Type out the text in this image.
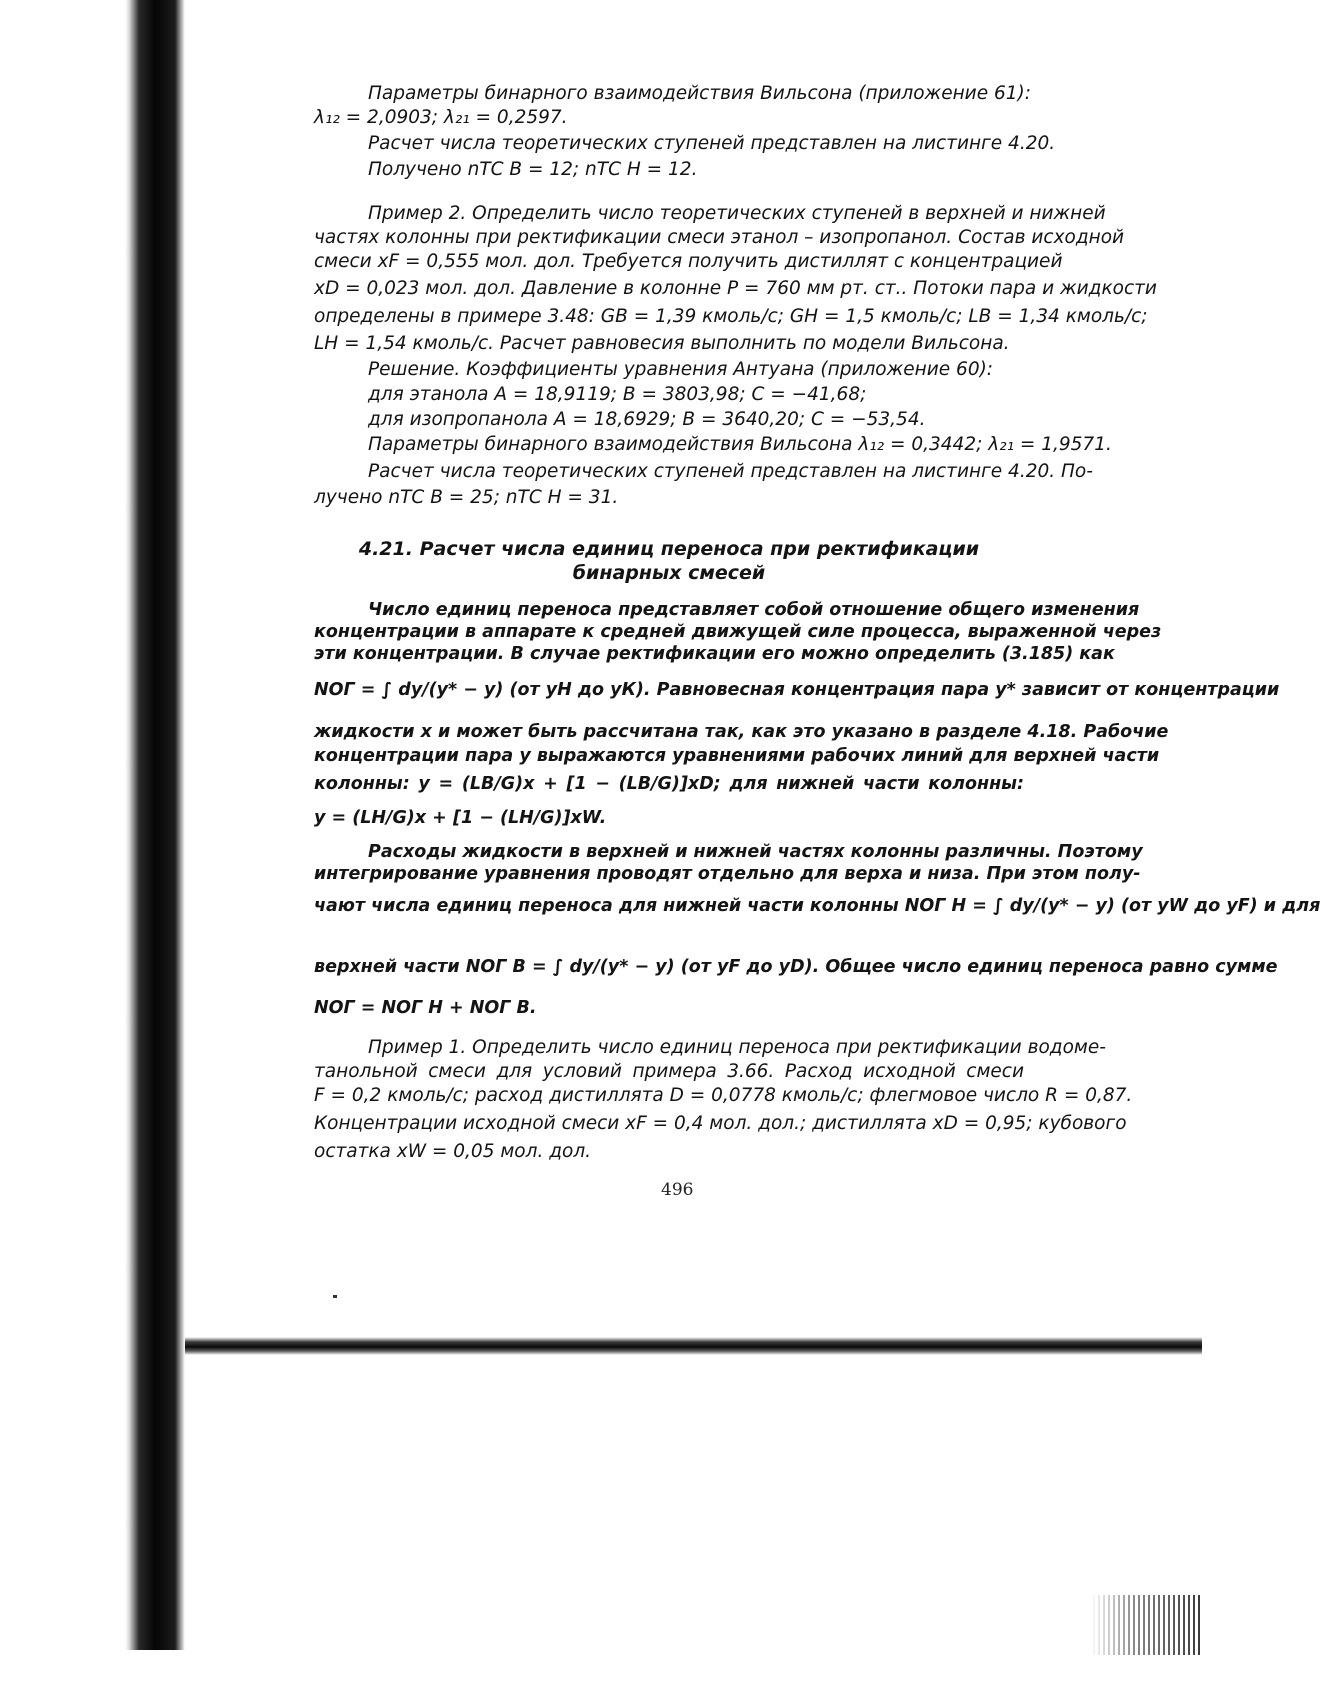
Параметры бинарного взаимодействия Вильсона (приложение 61):
λ₁₂ = 2,0903; λ₂₁ = 0,2597.
Расчет числа теоретических ступеней представлен на листинге 4.20.
Получено nТС В = 12; nТС Н = 12.
Пример 2. Определить число теоретических ступеней в верхней и нижней
частях колонны при ректификации смеси этанол – изопропанол. Состав исходной
смеси xF = 0,555 мол. дол. Требуется получить дистиллят с концентрацией
xD = 0,023 мол. дол. Давление в колонне P = 760 мм рт. ст.. Потоки пара и жидкости
определены в примере 3.48: GВ = 1,39 кмоль/с; GН = 1,5 кмоль/с; LВ = 1,34 кмоль/с;
LН = 1,54 кмоль/с. Расчет равновесия выполнить по модели Вильсона.
Решение. Коэффициенты уравнения Антуана (приложение 60):
для этанола A = 18,9119; B = 3803,98; C = −41,68;
для изопропанола A = 18,6929; B = 3640,20; C = −53,54.
Параметры бинарного взаимодействия Вильсона λ₁₂ = 0,3442; λ₂₁ = 1,9571.
Расчет числа теоретических ступеней представлен на листинге 4.20. По-
лучено nТС В = 25; nТС Н = 31.
4.21. Расчет числа единиц переноса при ректификации
бинарных смесей
Число единиц переноса представляет собой отношение общего изменения
концентрации в аппарате к средней движущей силе процесса, выраженной через
эти концентрации. В случае ректификации его можно определить (3.185) как
NОГ = ∫ dy/(y* − y) (от yН до yК). Равновесная концентрация пара y* зависит от концентрации
жидкости x и может быть рассчитана так, как это указано в разделе 4.18. Рабочие
концентрации пара y выражаются уравнениями рабочих линий для верхней части
колонны: y = (LВ/G)x + [1 − (LВ/G)]xD; для нижней части колонны:
y = (LН/G)x + [1 − (LН/G)]xW.
Расходы жидкости в верхней и нижней частях колонны различны. Поэтому
интегрирование уравнения проводят отдельно для верха и низа. При этом полу-
чают числа единиц переноса для нижней части колонны NОГ Н = ∫ dy/(y* − y) (от yW до yF) и для
верхней части NОГ В = ∫ dy/(y* − y) (от yF до yD). Общее число единиц переноса равно сумме
NОГ = NОГ Н + NОГ В.
Пример 1. Определить число единиц переноса при ректификации водоме-
танольной смеси для условий примера 3.66. Расход исходной смеси
F = 0,2 кмоль/с; расход дистиллята D = 0,0778 кмоль/с; флегмовое число R = 0,87.
Концентрации исходной смеси xF = 0,4 мол. дол.; дистиллята xD = 0,95; кубового
остатка xW = 0,05 мол. дол.
496
